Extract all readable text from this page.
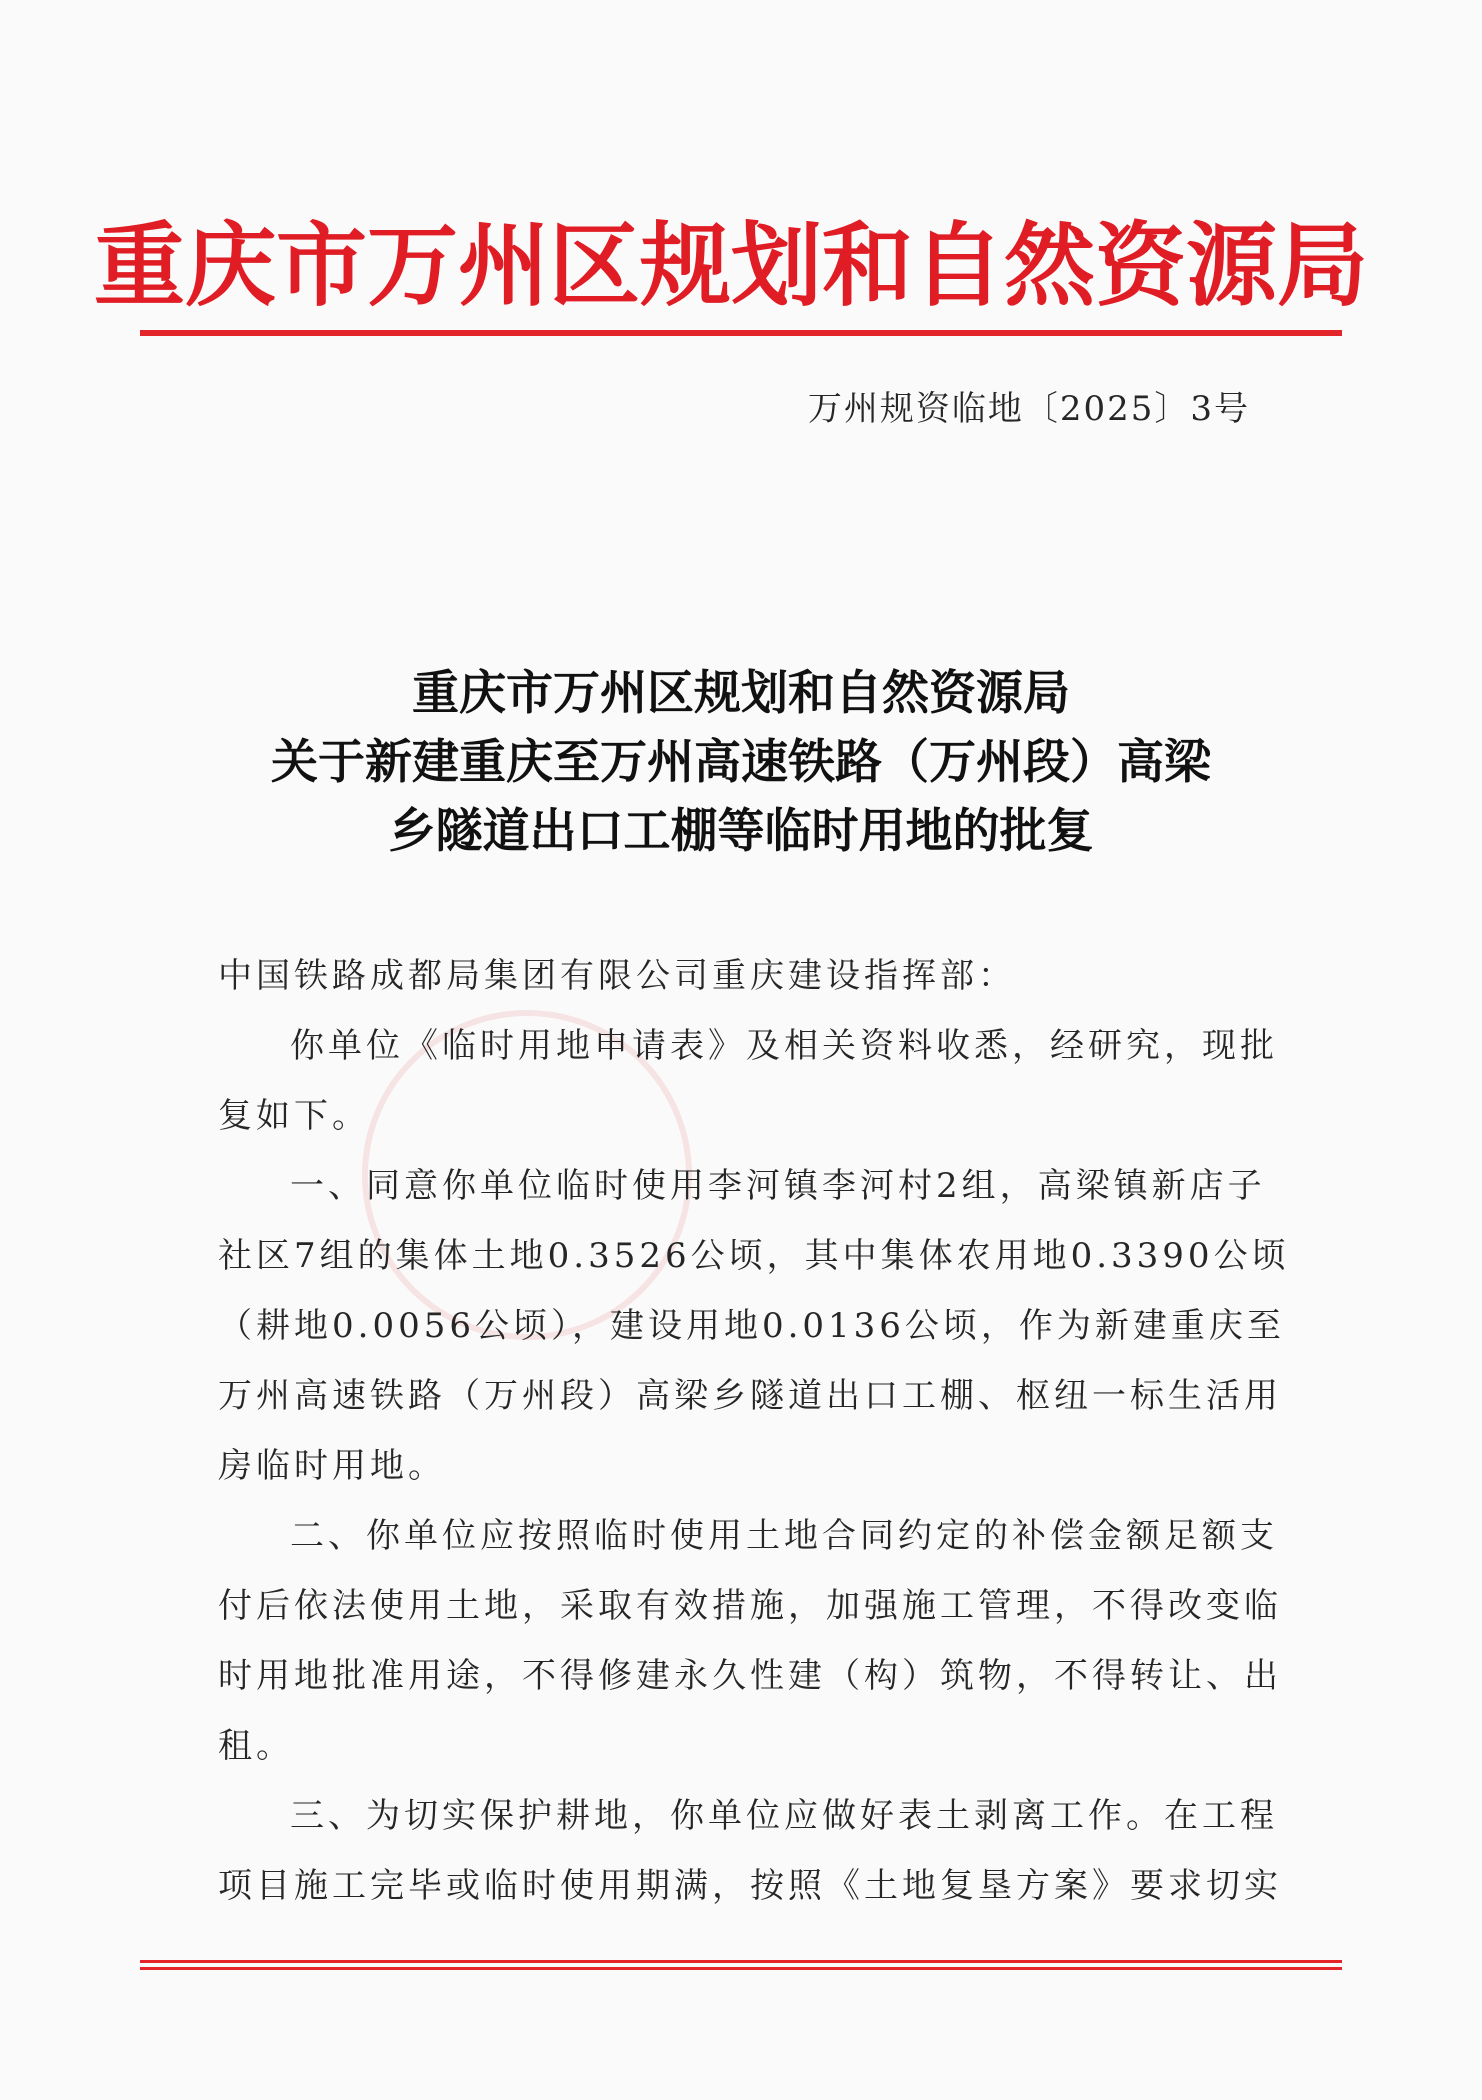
重庆市万州区规划和自然资源局
万州规资临地〔2025〕3号
重庆市万州区规划和自然资源局
关于新建重庆至万州高速铁路（万州段）高梁
乡隧道出口工棚等临时用地的批复
中国铁路成都局集团有限公司重庆建设指挥部：
你单位《临时用地申请表》及相关资料收悉，经研究，现批
复如下。
一、同意你单位临时使用李河镇李河村2组，高梁镇新店子
社区7组的集体土地0.3526公顷，其中集体农用地0.3390公顷
（耕地0.0056公顷），建设用地0.0136公顷，作为新建重庆至
万州高速铁路（万州段）高梁乡隧道出口工棚、枢纽一标生活用
房临时用地。
二、你单位应按照临时使用土地合同约定的补偿金额足额支
付后依法使用土地，采取有效措施，加强施工管理，不得改变临
时用地批准用途，不得修建永久性建（构）筑物，不得转让、出
租。
三、为切实保护耕地，你单位应做好表土剥离工作。在工程
项目施工完毕或临时使用期满，按照《土地复垦方案》要求切实
